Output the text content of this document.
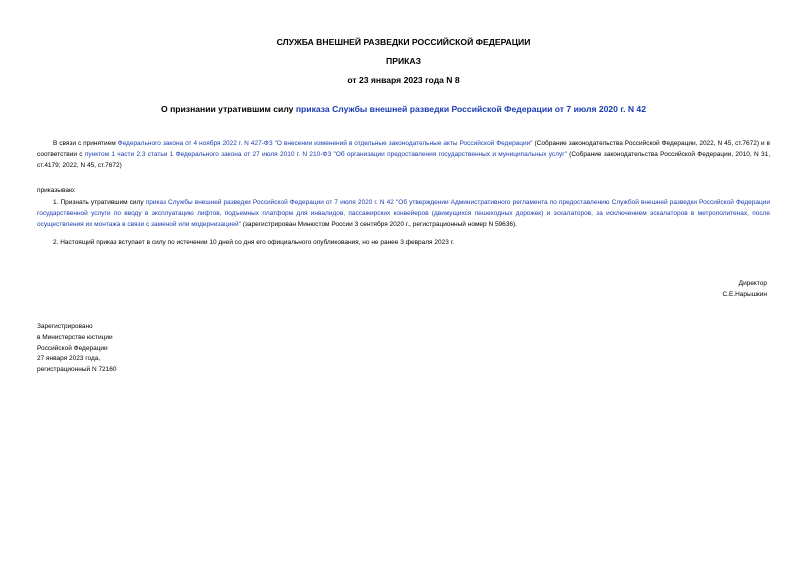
СЛУЖБА ВНЕШНЕЙ РАЗВЕДКИ РОССИЙСКОЙ ФЕДЕРАЦИИ
ПРИКАЗ
от 23 января 2023 года N 8
О признании утратившим силу приказа Службы внешней разведки Российской Федерации от 7 июля 2020 г. N 42
В связи с принятием Федерального закона от 4 ноября 2022 г. N 427-ФЗ "О внесении изменений в отдельные законодательные акты Российской Федерации" (Собрание законодательства Российской Федерации, 2022, N 45, ст.7672) и в соответствии с пунктом 1 части 2.3 статьи 1 Федерального закона от 27 июля 2010 г. N 210-ФЗ "Об организации предоставления государственных и муниципальных услуг" (Собрание законодательства Российской Федерации, 2010, N 31, ст.4179; 2022, N 45, ст.7672)
приказываю:
1. Признать утратившим силу приказ Службы внешней разведки Российской Федерации от 7 июля 2020 г. N 42 "Об утверждении Административного регламента по предоставлению Службой внешней разведки Российской Федерации государственной услуги по вводу в эксплуатацию лифтов, подъемных платформ для инвалидов, пассажирских конвейеров (движущихся пешеходных дорожек) и эскалаторов, за исключением эскалаторов в метрополитенах, после осуществления их монтажа в связи с заменой или модернизацией" (зарегистрирован Минюстом России 3 сентября 2020 г., регистрационный номер N 59636).
2. Настоящий приказ вступает в силу по истечении 10 дней со дня его официального опубликования, но не ранее 3 февраля 2023 г.
Директор
С.Е.Нарышкин
Зарегистрировано
в Министерстве юстиции
Российской Федерации
27 января 2023 года,
регистрационный N 72160
